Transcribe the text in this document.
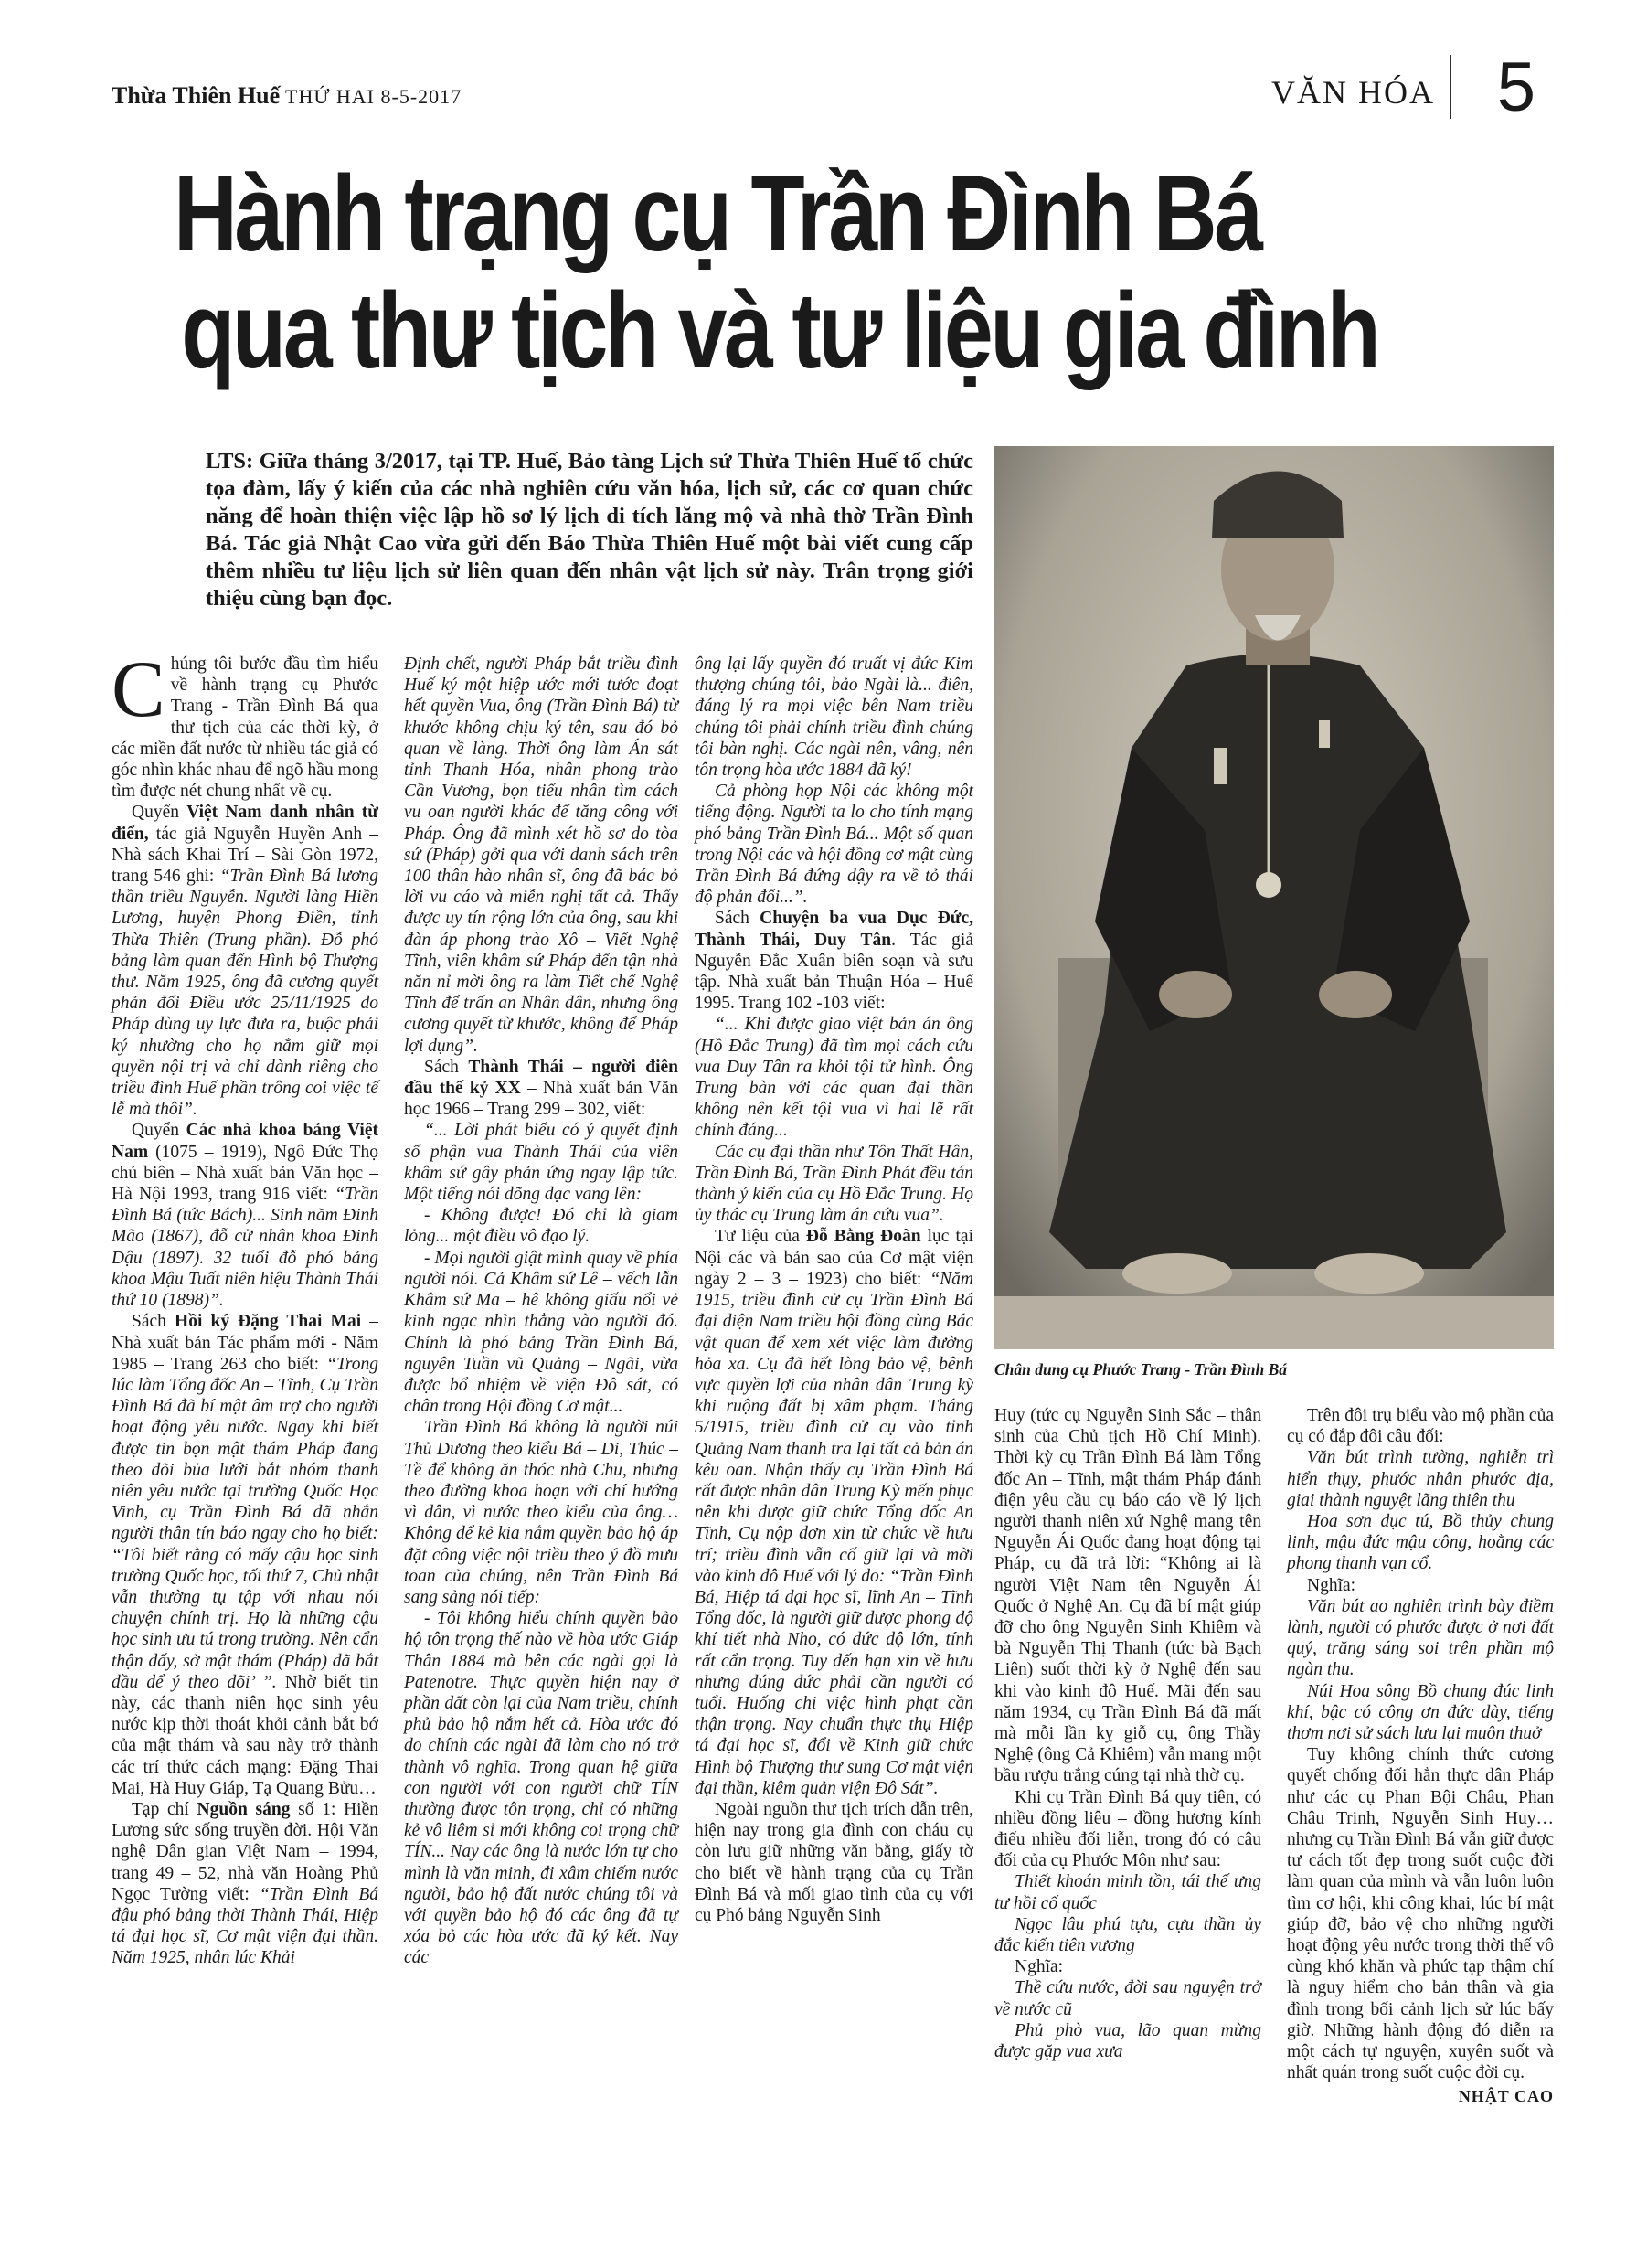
Thừa Thiên Huế THỨ HAI 8-5-2017	VĂN HÓA 5
Hành trạng cụ Trần Đình Bá
qua thư tịch và tư liệu gia đình
LTS: Giữa tháng 3/2017, tại TP. Huế, Bảo tàng Lịch sử Thừa Thiên Huế tổ chức tọa đàm, lấy ý kiến của các nhà nghiên cứu văn hóa, lịch sử, các cơ quan chức năng để hoàn thiện việc lập hồ sơ lý lịch di tích lăng mộ và nhà thờ Trần Đình Bá. Tác giả Nhật Cao vừa gửi đến Báo Thừa Thiên Huế một bài viết cung cấp thêm nhiều tư liệu lịch sử liên quan đến nhân vật lịch sử này. Trân trọng giới thiệu cùng bạn đọc.
Chân dung cụ Phước Trang - Trần Đình Bá

Chúng tôi bước đầu tìm hiểu về hành trạng cụ Phước Trang - Trần Đình Bá qua thư tịch của các thời kỳ, ở các miền đất nước từ nhiều tác giả có góc nhìn khác nhau để ngõ hầu mong tìm được nét chung nhất về cụ.

Quyển Việt Nam danh nhân từ điển, tác giả Nguyễn Huyền Anh – Nhà sách Khai Trí – Sài Gòn 1972, trang 546 ghi: “Trần Đình Bá lương thần triều Nguyễn. Người làng Hiền Lương, huyện Phong Điền, tỉnh Thừa Thiên (Trung phần). Đỗ phó bảng làm quan đến Hình bộ Thượng thư. Năm 1925, ông đã cương quyết phản đối Điều ước 25/11/1925 do Pháp dùng uy lực đưa ra, buộc phải ký nhường cho họ nắm giữ mọi quyền nội trị và chỉ dành riêng cho triều đình Huế phần trông coi việc tế lễ mà thôi”.

Quyển Các nhà khoa bảng Việt Nam (1075 – 1919), Ngô Đức Thọ chủ biên – Nhà xuất bản Văn học – Hà Nội 1993, trang 916 viết: “Trần Đình Bá (tức Bách)... Sinh năm Đinh Mão (1867), đỗ cử nhân khoa Đinh Dậu (1897). 32 tuổi đỗ phó bảng khoa Mậu Tuất niên hiệu Thành Thái thứ 10 (1898)”.

Sách Hồi ký Đặng Thai Mai – Nhà xuất bản Tác phẩm mới - Năm 1985 – Trang 263 cho biết: “Trong lúc làm Tổng đốc An – Tĩnh, Cụ Trần Đình Bá đã bí mật âm trợ cho người hoạt động yêu nước. Ngay khi biết được tin bọn mật thám Pháp đang theo dõi bủa lưới bắt nhóm thanh niên yêu nước tại trường Quốc Học Vinh, cụ Trần Đình Bá đã nhắn người thân tín báo ngay cho họ biết: “Tôi biết rằng có mấy cậu học sinh trường Quốc học, tối thứ 7, Chủ nhật vẫn thường tụ tập với nhau nói chuyện chính trị. Họ là những cậu học sinh ưu tú trong trường. Nên cẩn thận đấy, sở mật thám (Pháp) đã bắt đầu để ý theo dõi’ ”. Nhờ biết tin này, các thanh niên học sinh yêu nước kịp thời thoát khỏi cảnh bắt bớ của mật thám và sau này trở thành các trí thức cách mạng: Đặng Thai Mai, Hà Huy Giáp, Tạ Quang Bửu…

Tạp chí Nguồn sáng số 1: Hiền Lương sức sống truyền đời. Hội Văn nghệ Dân gian Việt Nam – 1994, trang 49 – 52, nhà văn Hoàng Phủ Ngọc Tường viết: “Trần Đình Bá đậu phó bảng thời Thành Thái, Hiệp tá đại học sĩ, Cơ mật viện đại thần. Năm 1925, nhân lúc Khải

Định chết, người Pháp bắt triều đình Huế ký một hiệp ước mới tước đoạt hết quyền Vua, ông (Trần Đình Bá) từ khước không chịu ký tên, sau đó bỏ quan về làng. Thời ông làm Án sát tỉnh Thanh Hóa, nhân phong trào Cần Vương, bọn tiểu nhân tìm cách vu oan người khác để tăng công với Pháp. Ông đã mình xét hồ sơ do tòa sứ (Pháp) gởi qua với danh sách trên 100 thân hào nhân sĩ, ông đã bác bỏ lời vu cáo và miễn nghị tất cả. Thấy được uy tín rộng lớn của ông, sau khi đàn áp phong trào Xô – Viết Nghệ Tĩnh, viên khâm sứ Pháp đến tận nhà năn nỉ mời ông ra làm Tiết chế Nghệ Tĩnh để trấn an Nhân dân, nhưng ông cương quyết từ khước, không để Pháp lợi dụng”.

Sách Thành Thái – người điên đầu thế kỷ XX – Nhà xuất bản Văn học 1966 – Trang 299 – 302, viết:

“... Lời phát biểu có ý quyết định số phận vua Thành Thái của viên khâm sứ gây phản ứng ngay lập tức. Một tiếng nói dõng dạc vang lên:

- Không được! Đó chỉ là giam lỏng... một điều vô đạo lý.

- Mọi người giật mình quay về phía người nói. Cả Khâm sứ Lê – vếch lẫn Khâm sứ Ma – hê không giấu nổi vẻ kinh ngạc nhìn thẳng vào người đó. Chính là phó bảng Trần Đình Bá, nguyên Tuần vũ Quảng – Ngãi, vừa được bổ nhiệm về viện Đô sát, có chân trong Hội đồng Cơ mật...

Trần Đình Bá không là người núi Thủ Dương theo kiểu Bá – Di, Thúc – Tề để không ăn thóc nhà Chu, nhưng theo đường khoa hoạn với chí hướng vì dân, vì nước theo kiểu của ông… Không để kẻ kia nắm quyền bảo hộ áp đặt công việc nội triều theo ý đồ mưu toan của chúng, nên Trần Đình Bá sang sảng nói tiếp:

- Tôi không hiểu chính quyền bảo hộ tôn trọng thế nào về hòa ước Giáp Thân 1884 mà bên các ngài gọi là Patenotre. Thực quyền hiện nay ở phần đất còn lại của Nam triều, chính phủ bảo hộ nắm hết cả. Hòa ước đó do chính các ngài đã làm cho nó trở thành vô nghĩa. Trong quan hệ giữa con người với con người chữ TÍN thường được tôn trọng, chỉ có những kẻ vô liêm sỉ mới không coi trọng chữ TÍN... Nay các ông là nước lớn tự cho mình là văn minh, đi xâm chiếm nước người, bảo hộ đất nước chúng tôi và với quyền bảo hộ đó các ông đã tự xóa bỏ các hòa ước đã ký kết. Nay các

ông lại lấy quyền đó truất vị đức Kim thượng chúng tôi, bảo Ngài là... điên, đáng lý ra mọi việc bên Nam triều chúng tôi phải chính triều đình chúng tôi bàn nghị. Các ngài nên, vâng, nên tôn trọng hòa ước 1884 đã ký!

Cả phòng họp Nội các không một tiếng động. Người ta lo cho tính mạng phó bảng Trần Đình Bá... Một số quan trong Nội các và hội đồng cơ mật cùng Trần Đình Bá đứng dậy ra về tỏ thái độ phản đối...”.

Sách Chuyện ba vua Dục Đức, Thành Thái, Duy Tân. Tác giả Nguyễn Đắc Xuân biên soạn và sưu tập. Nhà xuất bản Thuận Hóa – Huế 1995. Trang 102 -103 viết:

“... Khi được giao việt bản án ông (Hồ Đắc Trung) đã tìm mọi cách cứu vua Duy Tân ra khỏi tội tử hình. Ông Trung bàn với các quan đại thần không nên kết tội vua vì hai lẽ rất chính đáng...

Các cụ đại thần như Tôn Thất Hân, Trần Đình Bá, Trần Đình Phát đều tán thành ý kiến của cụ Hồ Đắc Trung. Họ ủy thác cụ Trung làm án cứu vua”.

Tư liệu của Đỗ Bằng Đoàn lục tại Nội các và bản sao của Cơ mật viện ngày 2 – 3 – 1923) cho biết: “Năm 1915, triều đình cử cụ Trần Đình Bá đại diện Nam triều hội đồng cùng Bác vật quan để xem xét việc làm đường hỏa xa. Cụ đã hết lòng bảo vệ, bênh vực quyền lợi của nhân dân Trung kỳ khi ruộng đất bị xâm phạm. Tháng 5/1915, triều đình cử cụ vào tỉnh Quảng Nam thanh tra lại tất cả bản án kêu oan. Nhận thấy cụ Trần Đình Bá rất được nhân dân Trung Kỳ mến phục nên khi được giữ chức Tổng đốc An Tĩnh, Cụ nộp đơn xin từ chức về hưu trí; triều đình vẫn cố giữ lại và mời vào kinh đô Huế với lý do: “Trần Đình Bá, Hiệp tá đại học sĩ, lĩnh An – Tĩnh Tổng đốc, là người giữ được phong độ khí tiết nhà Nho, có đức độ lớn, tính rất cẩn trọng. Tuy đến hạn xin về hưu nhưng đúng đức phải cần người có tuổi. Huống chi việc hình phạt cần thận trọng. Nay chuẩn thực thụ Hiệp tá đại học sĩ, đổi về Kinh giữ chức Hình bộ Thượng thư sung Cơ mật viện đại thần, kiêm quản viện Đô Sát”.

Ngoài nguồn thư tịch trích dẫn trên, hiện nay trong gia đình con cháu cụ còn lưu giữ những văn bằng, giấy tờ cho biết về hành trạng của cụ Trần Đình Bá và mối giao tình của cụ với cụ Phó bảng Nguyễn Sinh

Huy (tức cụ Nguyễn Sinh Sắc – thân sinh của Chủ tịch Hồ Chí Minh). Thời kỳ cụ Trần Đình Bá làm Tổng đốc An – Tĩnh, mật thám Pháp đánh điện yêu cầu cụ báo cáo về lý lịch người thanh niên xứ Nghệ mang tên Nguyễn Ái Quốc đang hoạt động tại Pháp, cụ đã trả lời: “Không ai là người Việt Nam tên Nguyễn Ái Quốc ở Nghệ An. Cụ đã bí mật giúp đỡ cho ông Nguyễn Sinh Khiêm và bà Nguyễn Thị Thanh (tức bà Bạch Liên) suốt thời kỳ ở Nghệ đến sau khi vào kinh đô Huế. Mãi đến sau năm 1934, cụ Trần Đình Bá đã mất mà mỗi lần kỵ giỗ cụ, ông Thầy Nghệ (ông Cả Khiêm) vẫn mang một bầu rượu trắng cúng tại nhà thờ cụ.

Khi cụ Trần Đình Bá quy tiên, có nhiều đồng liêu – đồng hương kính điếu nhiều đối liễn, trong đó có câu đối của cụ Phước Môn như sau:

Thiết khoán minh tồn, tái thế ưng tư hồi cố quốc

Ngọc lâu phú tựu, cựu thần ủy đắc kiến tiên vương

Nghĩa:

Thề cứu nước, đời sau nguyện trở về nước cũ

Phủ phò vua, lão quan mừng được gặp vua xưa

Trên đôi trụ biểu vào mộ phần của cụ có đắp đôi câu đối:

Văn bút trình tường, nghiễn trì hiển thụy, phước nhân phước địa, giai thành nguyệt lãng thiên thu

Hoa sơn dục tú, Bồ thủy chung linh, mậu đức mậu công, hoằng các phong thanh vạn cổ.

Nghĩa:

Văn bút ao nghiên trình bày điềm lành, người có phước được ở nơi đất quý, trăng sáng soi trên phần mộ ngàn thu.

Núi Hoa sông Bồ chung đúc linh khí, bậc có công ơn đức dày, tiếng thơm nơi sử sách lưu lại muôn thuở

Tuy không chính thức cương quyết chống đối hẳn thực dân Pháp như các cụ Phan Bội Châu, Phan Châu Trinh, Nguyễn Sinh Huy… nhưng cụ Trần Đình Bá vẫn giữ được tư cách tốt đẹp trong suốt cuộc đời làm quan của mình và vẫn luôn luôn tìm cơ hội, khi công khai, lúc bí mật giúp đỡ, bảo vệ cho những người hoạt động yêu nước trong thời thế vô cùng khó khăn và phức tạp thậm chí là nguy hiểm cho bản thân và gia đình trong bối cảnh lịch sử lúc bấy giờ. Những hành động đó diễn ra một cách tự nguyện, xuyên suốt và nhất quán trong suốt cuộc đời cụ.

NHẬT CAO
